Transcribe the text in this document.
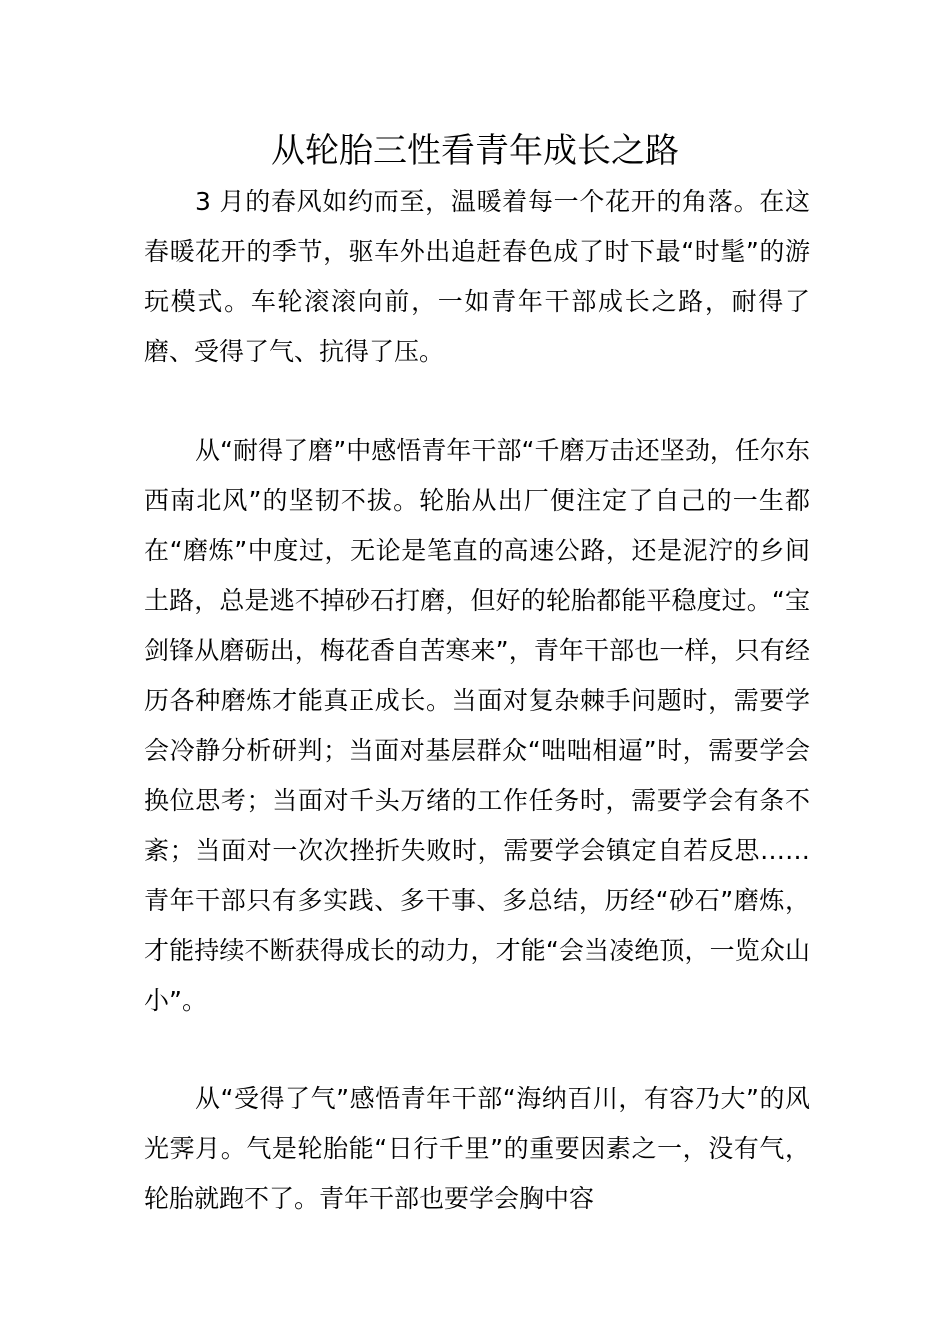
从轮胎三性看青年成长之路

3 月的春风如约而至，温暖着每一个花开的角落。在这春暖花开的季节，驱车外出追赶春色成了时下最“时髦”的游玩模式。车轮滚滚向前，一如青年干部成长之路，耐得了磨、受得了气、抗得了压。

从“耐得了磨”中感悟青年干部“千磨万击还坚劲，任尔东西南北风”的坚韧不拔。轮胎从出厂便注定了自己的一生都在“磨炼”中度过，无论是笔直的高速公路，还是泥泞的乡间土路，总是逃不掉砂石打磨，但好的轮胎都能平稳度过。“宝剑锋从磨砺出，梅花香自苦寒来”，青年干部也一样，只有经历各种磨炼才能真正成长。当面对复杂棘手问题时，需要学会冷静分析研判；当面对基层群众“咄咄相逼”时，需要学会换位思考；当面对千头万绪的工作任务时，需要学会有条不紊；当面对一次次挫折失败时，需要学会镇定自若反思……青年干部只有多实践、多干事、多总结，历经“砂石”磨炼，才能持续不断获得成长的动力，才能“会当凌绝顶，一览众山小”。

从“受得了气”感悟青年干部“海纳百川，有容乃大”的风光霁月。气是轮胎能“日行千里”的重要因素之一，没有气，轮胎就跑不了。青年干部也要学会胸中容
